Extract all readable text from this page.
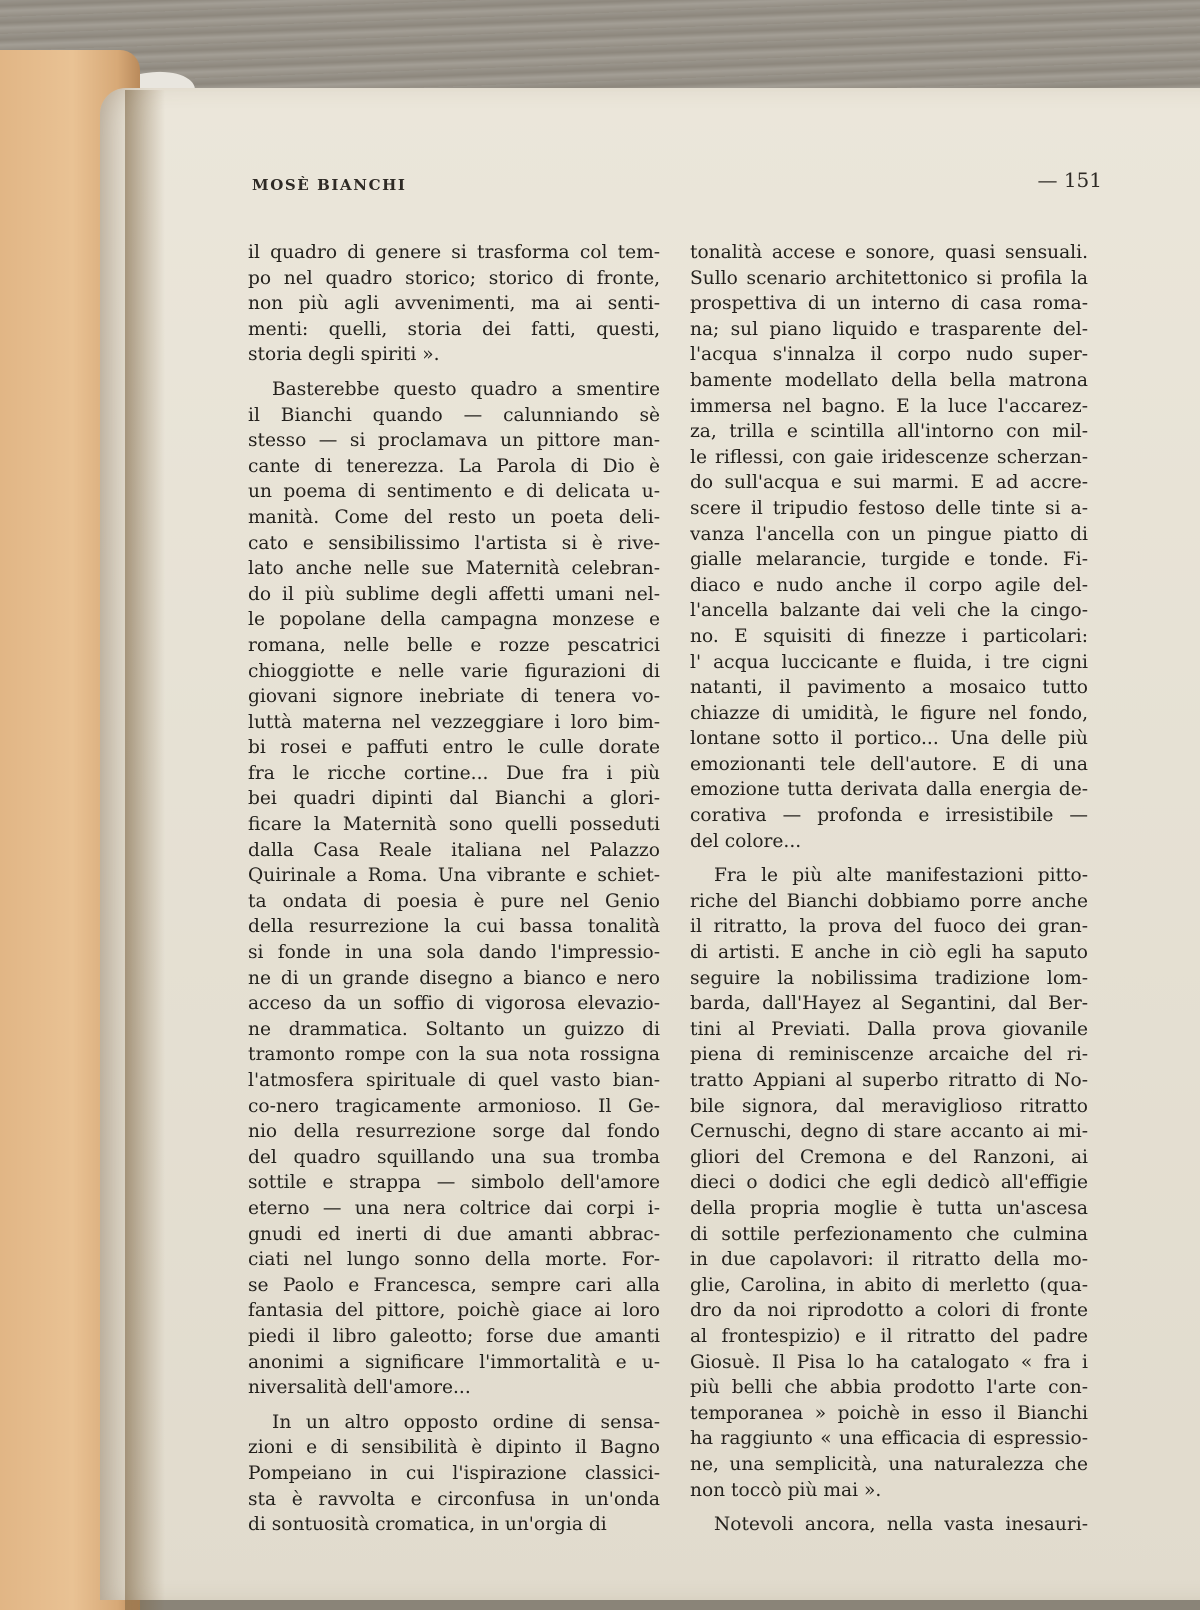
MOSÈ BIANCHI	— 151
il quadro di genere si trasforma col tem-
po nel quadro storico; storico di fronte,
non più agli avvenimenti, ma ai senti-
menti: quelli, storia dei fatti, questi,
storia degli spiriti ».
Basterebbe questo quadro a smentire
il Bianchi quando — calunniando sè
stesso — si proclamava un pittore man-
cante di tenerezza. La Parola di Dio è
un poema di sentimento e di delicata u-
manità. Come del resto un poeta deli-
cato e sensibilissimo l'artista si è rive-
lato anche nelle sue Maternità celebran-
do il più sublime degli affetti umani nel-
le popolane della campagna monzese e
romana, nelle belle e rozze pescatrici
chioggiotte e nelle varie figurazioni di
giovani signore inebriate di tenera vo-
luttà materna nel vezzeggiare i loro bim-
bi rosei e paffuti entro le culle dorate
fra le ricche cortine... Due fra i più
bei quadri dipinti dal Bianchi a glori-
ficare la Maternità sono quelli posseduti
dalla Casa Reale italiana nel Palazzo
Quirinale a Roma. Una vibrante e schiet-
ta ondata di poesia è pure nel Genio
della resurrezione la cui bassa tonalità
si fonde in una sola dando l'impressio-
ne di un grande disegno a bianco e nero
acceso da un soffio di vigorosa elevazio-
ne drammatica. Soltanto un guizzo di
tramonto rompe con la sua nota rossigna
l'atmosfera spirituale di quel vasto bian-
co-nero tragicamente armonioso. Il Ge-
nio della resurrezione sorge dal fondo
del quadro squillando una sua tromba
sottile e strappa — simbolo dell'amore
eterno — una nera coltrice dai corpi i-
gnudi ed inerti di due amanti abbrac-
ciati nel lungo sonno della morte. For-
se Paolo e Francesca, sempre cari alla
fantasia del pittore, poichè giace ai loro
piedi il libro galeotto; forse due amanti
anonimi a significare l'immortalità e u-
niversalità dell'amore...
In un altro opposto ordine di sensa-
zioni e di sensibilità è dipinto il Bagno
Pompeiano in cui l'ispirazione classici-
sta è ravvolta e circonfusa in un'onda
di sontuosità cromatica, in un'orgia di
tonalità accese e sonore, quasi sensuali.
Sullo scenario architettonico si profila la
prospettiva di un interno di casa roma-
na; sul piano liquido e trasparente del-
l'acqua s'innalza il corpo nudo super-
bamente modellato della bella matrona
immersa nel bagno. E la luce l'accarez-
za, trilla e scintilla all'intorno con mil-
le riflessi, con gaie iridescenze scherzan-
do sull'acqua e sui marmi. E ad accre-
scere il tripudio festoso delle tinte si a-
vanza l'ancella con un pingue piatto di
gialle melarancie, turgide e tonde. Fi-
diaco e nudo anche il corpo agile del-
l'ancella balzante dai veli che la cingo-
no. E squisiti di finezze i particolari:
l' acqua luccicante e fluida, i tre cigni
natanti, il pavimento a mosaico tutto
chiazze di umidità, le figure nel fondo,
lontane sotto il portico... Una delle più
emozionanti tele dell'autore. E di una
emozione tutta derivata dalla energia de-
corativa — profonda e irresistibile —
del colore...
Fra le più alte manifestazioni pitto-
riche del Bianchi dobbiamo porre anche
il ritratto, la prova del fuoco dei gran-
di artisti. E anche in ciò egli ha saputo
seguire la nobilissima tradizione lom-
barda, dall'Hayez al Segantini, dal Ber-
tini al Previati. Dalla prova giovanile
piena di reminiscenze arcaiche del ri-
tratto Appiani al superbo ritratto di No-
bile signora, dal meraviglioso ritratto
Cernuschi, degno di stare accanto ai mi-
gliori del Cremona e del Ranzoni, ai
dieci o dodici che egli dedicò all'effigie
della propria moglie è tutta un'ascesa
di sottile perfezionamento che culmina
in due capolavori: il ritratto della mo-
glie, Carolina, in abito di merletto (qua-
dro da noi riprodotto a colori di fronte
al frontespizio) e il ritratto del padre
Giosuè. Il Pisa lo ha catalogato « fra i
più belli che abbia prodotto l'arte con-
temporanea » poichè in esso il Bianchi
ha raggiunto « una efficacia di espressio-
ne, una semplicità, una naturalezza che
non toccò più mai ».
Notevoli ancora, nella vasta inesauri-
